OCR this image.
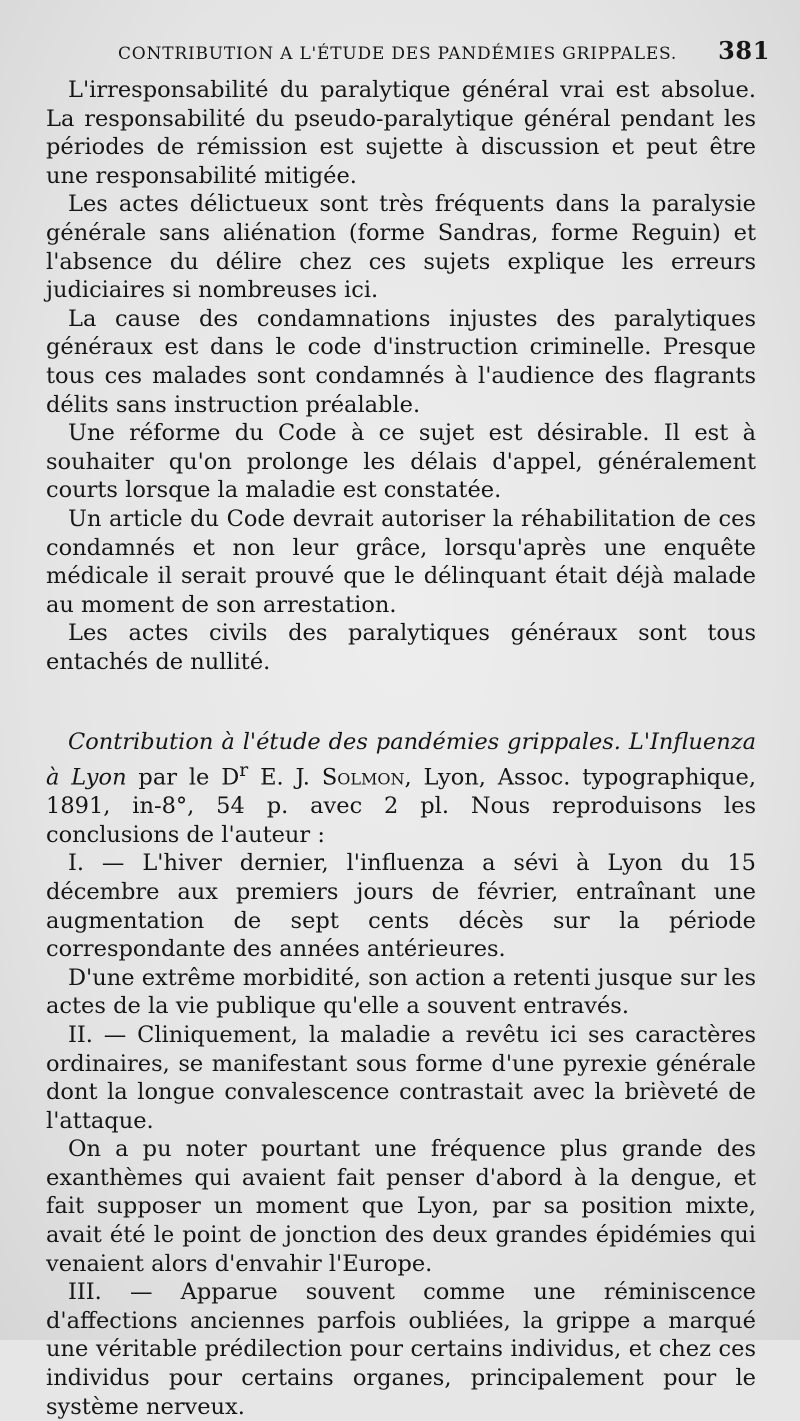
CONTRIBUTION A L'ÉTUDE DES PANDÉMIES GRIPPALES. 381

L'irresponsabilité du paralytique général vrai est absolue. La responsabilité du pseudo-paralytique général pendant les périodes de rémission est sujette à discussion et peut être une responsabilité mitigée.

Les actes délictueux sont très fréquents dans la paralysie générale sans aliénation (forme Sandras, forme Reguin) et l'absence du délire chez ces sujets explique les erreurs judiciaires si nombreuses ici.

La cause des condamnations injustes des paralytiques généraux est dans le code d'instruction criminelle. Presque tous ces malades sont condamnés à l'audience des flagrants délits sans instruction préalable.

Une réforme du Code à ce sujet est désirable. Il est à souhaiter qu'on prolonge les délais d'appel, généralement courts lorsque la maladie est constatée.

Un article du Code devrait autoriser la réhabilitation de ces condamnés et non leur grâce, lorsqu'après une enquête médicale il serait prouvé que le délinquant était déjà malade au moment de son arrestation.

Les actes civils des paralytiques généraux sont tous entachés de nullité.

Contribution à l'étude des pandémies grippales. L'Influenza à Lyon par le $D^r$ E. J. Solmon, Lyon, Assoc. typographique, 1891, in-8°, 54 p. avec 2 pl. Nous reproduisons les conclusions de l'auteur :

I. — L'hiver dernier, l'influenza a sévi à Lyon du 15 décembre aux premiers jours de février, entraînant une augmentation de sept cents décès sur la période correspondante des années antérieures.

D'une extrême morbidité, son action a retenti jusque sur les actes de la vie publique qu'elle a souvent entravés.

II. — Cliniquement, la maladie a revêtu ici ses caractères ordinaires, se manifestant sous forme d'une pyrexie générale dont la longue convalescence contrastait avec la brièveté de l'attaque.

On a pu noter pourtant une fréquence plus grande des exanthèmes qui avaient fait penser d'abord à la dengue, et fait supposer un moment que Lyon, par sa position mixte, avait été le point de jonction des deux grandes épidémies qui venaient alors d'envahir l'Europe.

III. — Apparue souvent comme une réminiscence d'affections anciennes parfois oubliées, la grippe a marqué une véritable prédilection pour certains individus, et chez ces individus pour certains organes, principalement pour le système nerveux.
